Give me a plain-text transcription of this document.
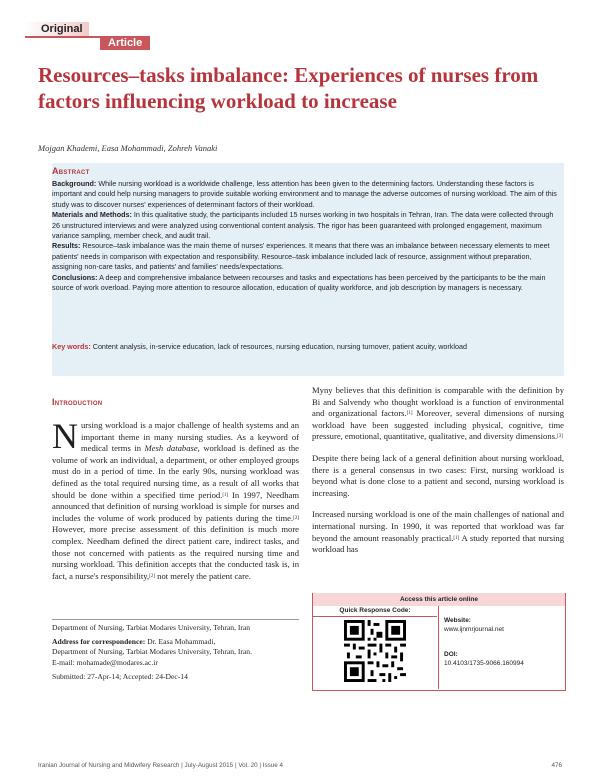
Original
Article
Resources–tasks imbalance: Experiences of nurses from factors influencing workload to increase
Mojgan Khademi, Easa Mohammadi, Zohreh Vanaki
Abstract

Background: While nursing workload is a worldwide challenge, less attention has been given to the determining factors. Understanding these factors is important and could help nursing managers to provide suitable working environment and to manage the adverse outcomes of nursing workload. The aim of this study was to discover nurses' experiences of determinant factors of their workload.

Materials and Methods: In this qualitative study, the participants included 15 nurses working in two hospitals in Tehran, Iran. The data were collected through 26 unstructured interviews and were analyzed using conventional content analysis. The rigor has been guaranteed with prolonged engagement, maximum variance sampling, member check, and audit trail.

Results: Resource–task imbalance was the main theme of nurses' experiences. It means that there was an imbalance between necessary elements to meet patients' needs in comparison with expectation and responsibility. Resource–task imbalance included lack of resource, assignment without preparation, assigning non-care tasks, and patients' and families' needs/expectations.

Conclusions: A deep and comprehensive imbalance between recourses and tasks and expectations has been perceived by the participants to be the main source of work overload. Paying more attention to resource allocation, education of quality workforce, and job description by managers is necessary.

Key words: Content analysis, in-service education, lack of resources, nursing education, nursing turnover, patient acuity, workload
Introduction

Nursing workload is a major challenge of health systems and an important theme in many nursing studies. As a keyword of medical terms in Mesh database, workload is defined as the volume of work an individual, a department, or other employed groups must do in a period of time. In the early 90s, nursing workload was defined as the total required nursing time, as a result of all works that should be done within a specified time period.[1] In 1997, Needham announced that definition of nursing workload is simple for nurses and includes the volume of work produced by patients during the time.[2] However, more precise assessment of this definition is much more complex. Needham defined the direct patient care, indirect tasks, and those not concerned with patients as the required nursing time and nursing workload. This definition accepts that the conducted task is, in fact, a nurse's responsibility,[2] not merely the patient care.

Myny believes that this definition is comparable with the definition by Bi and Salvendy who thought workload is a function of environmental and organizational factors.[1] Moreover, several dimensions of nursing workload have been suggested including physical, cognitive, time pressure, emotional, quantitative, qualitative, and diversity dimensions.[3]

Despite there being lack of a general definition about nursing workload, there is a general consensus in two cases: First, nursing workload is beyond what is done close to a patient and second, nursing workload is increasing.

Increased nursing workload is one of the main challenges of national and international nursing. In 1990, it was reported that workload was far beyond the amount reasonably practical.[1] A study reported that nursing workload has

Department of Nursing, Tarbiat Modares University, Tehran, Iran

Address for correspondence: Dr. Easa Mohammadi,
Department of Nursing, Tarbiat Modares University, Tehran, Iran.
E-mail: mohamade@modares.ac.ir

Submitted: 27-Apr-14; Accepted: 24-Dec-14

Access this article online
Quick Response Code:
Website:
www.ijnmrjournal.net
DOI:
10.4103/1735-9066.160994
Iranian Journal of Nursing and Midwifery Research | July-August 2015 | Vol. 20 | Issue 4	476
